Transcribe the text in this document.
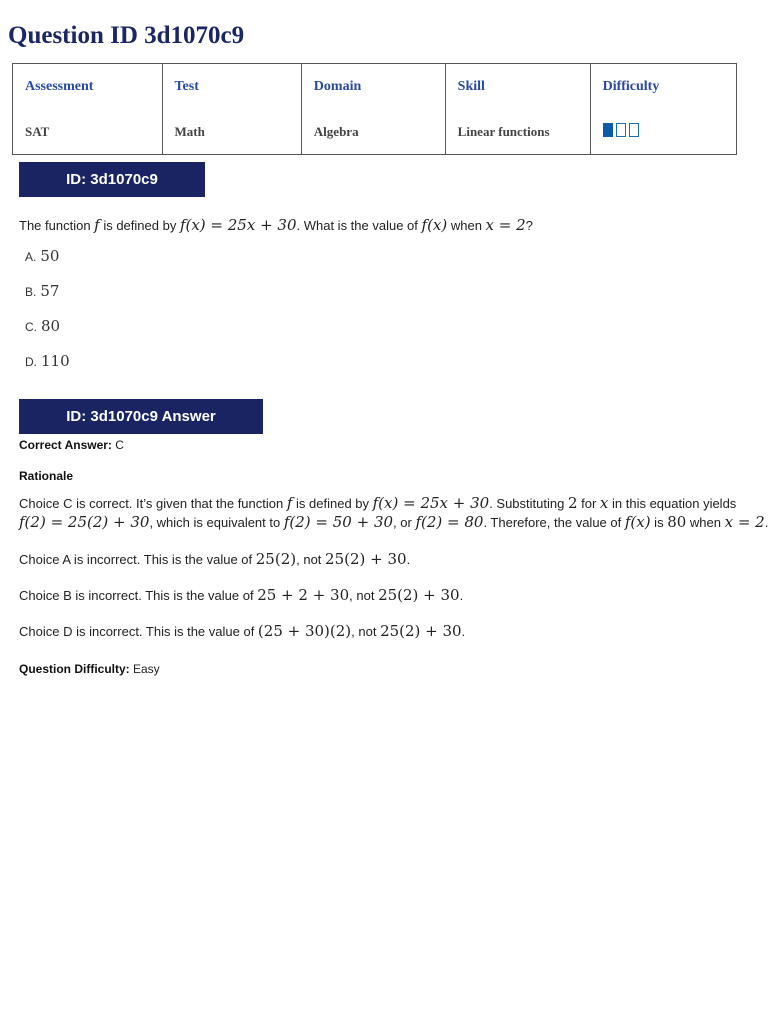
Question ID 3d1070c9
Assessment	Test	Domain	Skill	Difficulty
SAT	Math	Algebra	Linear functions	
ID: 3d1070c9
The function f is defined by f(x) = 25x + 30. What is the value of f(x) when x = 2?
A. 50
B. 57
C. 80
D. 110
ID: 3d1070c9 Answer
Correct Answer: C
Rationale
Choice C is correct. It’s given that the function f is defined by f(x) = 25x + 30. Substituting 2 for x in this equation yields
f(2) = 25(2) + 30, which is equivalent to f(2) = 50 + 30, or f(2) = 80. Therefore, the value of f(x) is 80 when x = 2.
Choice A is incorrect. This is the value of 25(2), not 25(2) + 30.
Choice B is incorrect. This is the value of 25 + 2 + 30, not 25(2) + 30.
Choice D is incorrect. This is the value of (25 + 30)(2), not 25(2) + 30.
Question Difficulty: Easy
